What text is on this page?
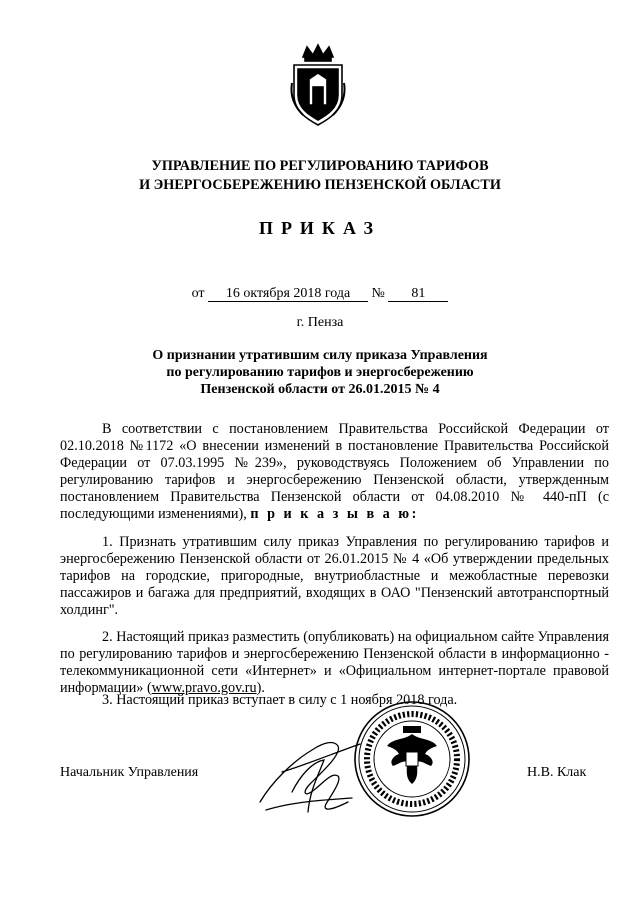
УПРАВЛЕНИЕ ПО РЕГУЛИРОВАНИЮ ТАРИФОВ
И ЭНЕРГОСБЕРЕЖЕНИЮ ПЕНЗЕНСКОЙ ОБЛАСТИ
ПРИКАЗ
от 16 октября 2018 года № 81
г. Пенза
О признании утратившим силу приказа Управления
по регулированию тарифов и энергосбережению
Пензенской области от 26.01.2015 № 4

В соответствии с постановлением Правительства Российской Федерации от 02.10.2018 №1172 «О внесении изменений в постановление Правительства Российской Федерации от 07.03.1995 №239», руководствуясь Положением об Управлении по регулированию тарифов и энергосбережению Пензенской области, утвержденным постановлением Правительства Пензенской области от 04.08.2010 № 440-пП (с последующими изменениями), п р и к а з ы в а ю:

1. Признать утратившим силу приказ Управления по регулированию тарифов и энергосбережению Пензенской области от 26.01.2015 № 4 «Об утверждении предельных тарифов на городские, пригородные, внутриобластные и межобластные перевозки пассажиров и багажа для предприятий, входящих в ОАО "Пензенский автотранспортный холдинг".

2. Настоящий приказ разместить (опубликовать) на официальном сайте Управления по регулированию тарифов и энергосбережению Пензенской области в информационно - телекоммуникационной сети «Интернет» и «Официальном интернет-портале правовой информации» (www.pravo.gov.ru).

3. Настоящий приказ вступает в силу с 1 ноября 2018 года.

Начальник Управления	Н.В. Клак
